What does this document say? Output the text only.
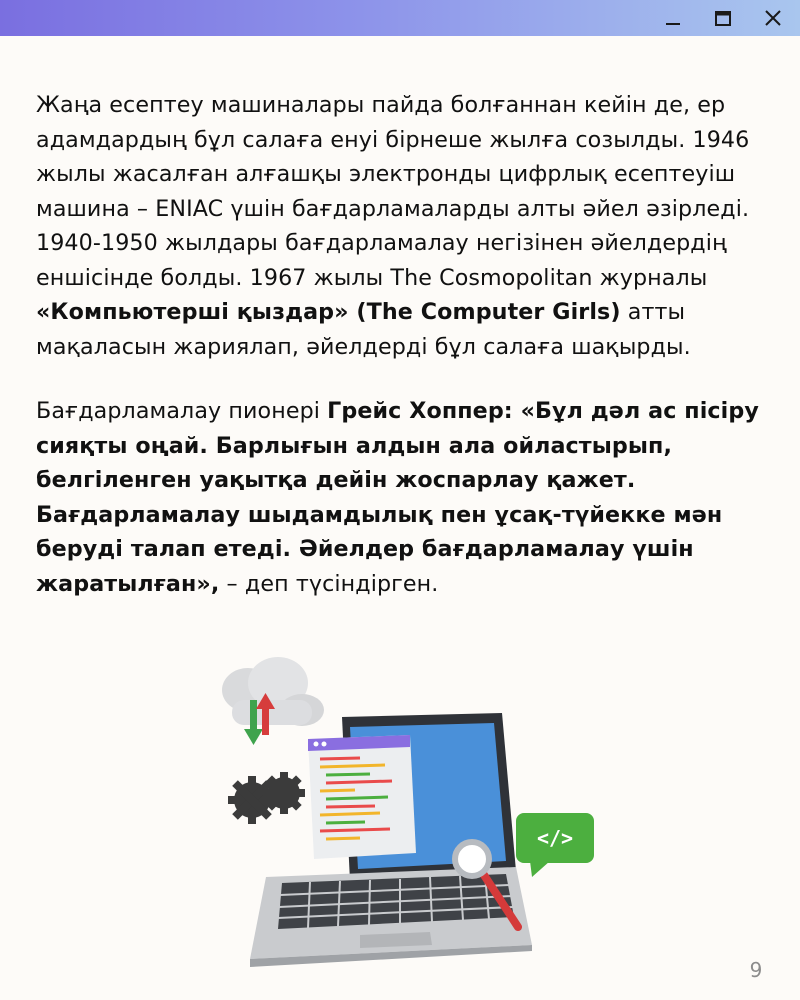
Жаңа есептеу машиналары пайда болғаннан кейін де, ер адамдардың бұл салаға енуі бірнеше жылға созылды. 1946 жылы жасалған алғашқы электронды цифрлық есептеуіш машина – ENIAC үшін бағдарламаларды алты әйел әзірледі. 1940-1950 жылдары бағдарламалау негізінен әйелдердің еншісінде болды. 1967 жылы The Cosmopolitan журналы «Компьютерші қыздар» (The Computer Girls) атты мақаласын жариялап, әйелдерді бұл салаға шақырды.

Бағдарламалау пионері Грейс Хоппер: «Бұл дәл ас пісіру сияқты оңай. Барлығын алдын ала ойластырып, белгіленген уақытқа дейін жоспарлау қажет. Бағдарламалау шыдамдылық пен ұсақ-түйекке мән беруді талап етеді. Әйелдер бағдарламалау үшін жаратылған», – деп түсіндірген.

</>
9
